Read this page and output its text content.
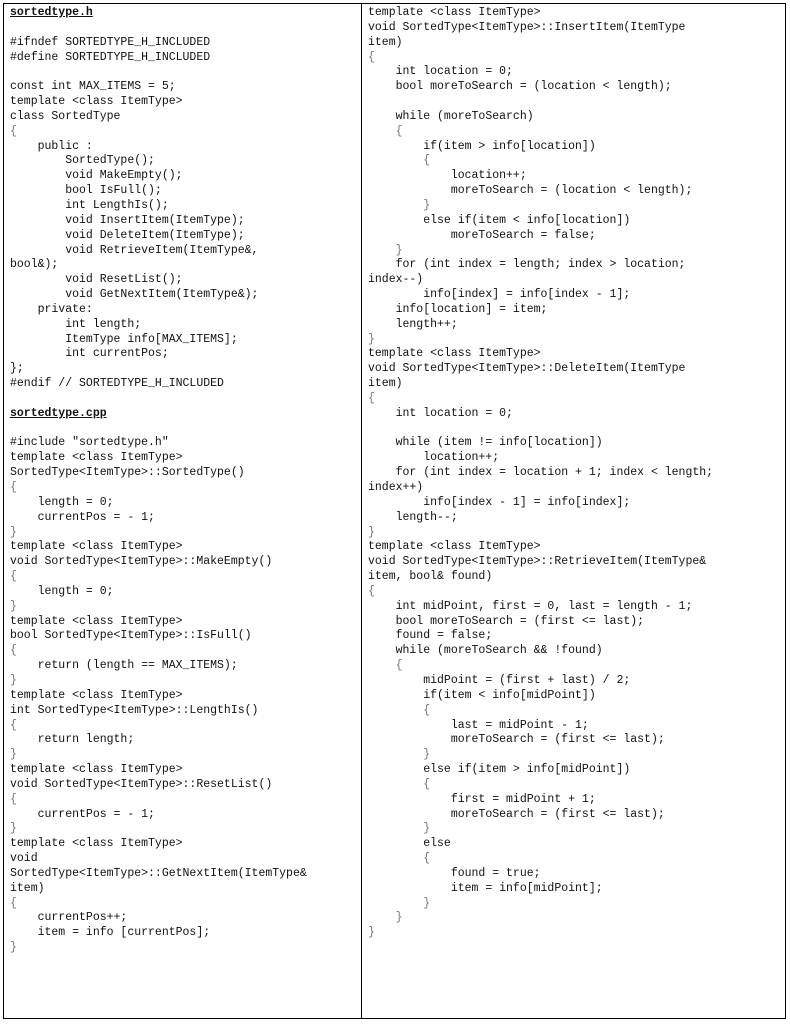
sortedtype.h
#ifndef SORTEDTYPE_H_INCLUDED
#define SORTEDTYPE_H_INCLUDED
const int MAX_ITEMS = 5;
template <class ItemType>
class SortedType
{
public :
SortedType();
void MakeEmpty();
bool IsFull();
int LengthIs();
void InsertItem(ItemType);
void DeleteItem(ItemType);
void RetrieveItem(ItemType&,
bool&);
void ResetList();
void GetNextItem(ItemType&);
private:
int length;
ItemType info[MAX_ITEMS];
int currentPos;
};
#endif // SORTEDTYPE_H_INCLUDED
sortedtype.cpp
#include "sortedtype.h"
template <class ItemType>
SortedType<ItemType>::SortedType()
{
length = 0;
currentPos = - 1;
}
template <class ItemType>
void SortedType<ItemType>::MakeEmpty()
{
length = 0;
}
template <class ItemType>
bool SortedType<ItemType>::IsFull()
{
return (length == MAX_ITEMS);
}
template <class ItemType>
int SortedType<ItemType>::LengthIs()
{
return length;
}
template <class ItemType>
void SortedType<ItemType>::ResetList()
{
currentPos = - 1;
}
template <class ItemType>
void
SortedType<ItemType>::GetNextItem(ItemType&
item)
{
currentPos++;
item = info [currentPos];
}
template <class ItemType>
void SortedType<ItemType>::InsertItem(ItemType
item)
{
int location = 0;
bool moreToSearch = (location < length);
while (moreToSearch)
{
if(item > info[location])
{
location++;
moreToSearch = (location < length);
}
else if(item < info[location])
moreToSearch = false;
}
for (int index = length; index > location;
index--)
info[index] = info[index - 1];
info[location] = item;
length++;
}
template <class ItemType>
void SortedType<ItemType>::DeleteItem(ItemType
item)
{
int location = 0;
while (item != info[location])
location++;
for (int index = location + 1; index < length;
index++)
info[index - 1] = info[index];
length--;
}
template <class ItemType>
void SortedType<ItemType>::RetrieveItem(ItemType&
item, bool& found)
{
int midPoint, first = 0, last = length - 1;
bool moreToSearch = (first <= last);
found = false;
while (moreToSearch && !found)
{
midPoint = (first + last) / 2;
if(item < info[midPoint])
{
last = midPoint - 1;
moreToSearch = (first <= last);
}
else if(item > info[midPoint])
{
first = midPoint + 1;
moreToSearch = (first <= last);
}
else
{
found = true;
item = info[midPoint];
}
}
}
